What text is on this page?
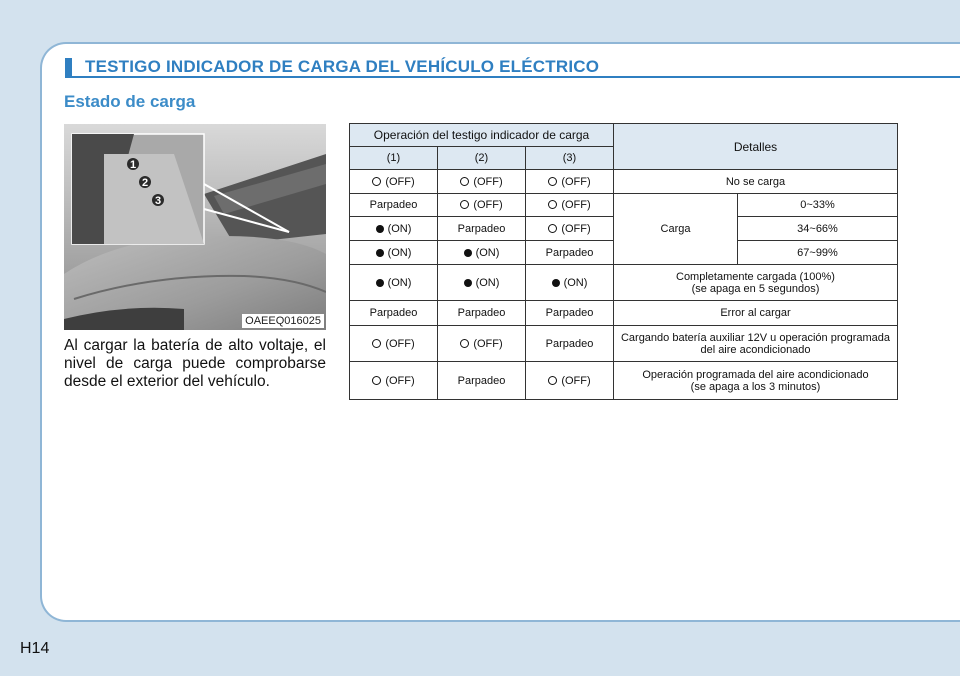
TESTIGO INDICADOR DE CARGA DEL VEHÍCULO ELÉCTRICO
Estado de carga
1
2
3
OAEEQ016025
Al cargar la batería de alto voltaje, el nivel de carga puede comprobarse desde el exterior del vehículo.
Operación del testigo indicador de carga			Detalles	
(1)	(2)	(3)		
(OFF)	(OFF)	(OFF)	No se carga	
Parpadeo	(OFF)	(OFF)	Carga	0~33%
(ON)	Parpadeo	(OFF)		34~66%
(ON)	(ON)	Parpadeo		67~99%
(ON)	(ON)	(ON)	Completamente cargada (100%)
(se apaga en 5 segundos)	

Parpadeo	Parpadeo	Parpadeo	Error al cargar	
(OFF)	(OFF)	Parpadeo	Cargando batería auxiliar 12V u operación programada
del aire acondicionado	

(OFF)	Parpadeo	(OFF)	Operación programada del aire acondicionado
(se apaga a los 3 minutos)	
H14
